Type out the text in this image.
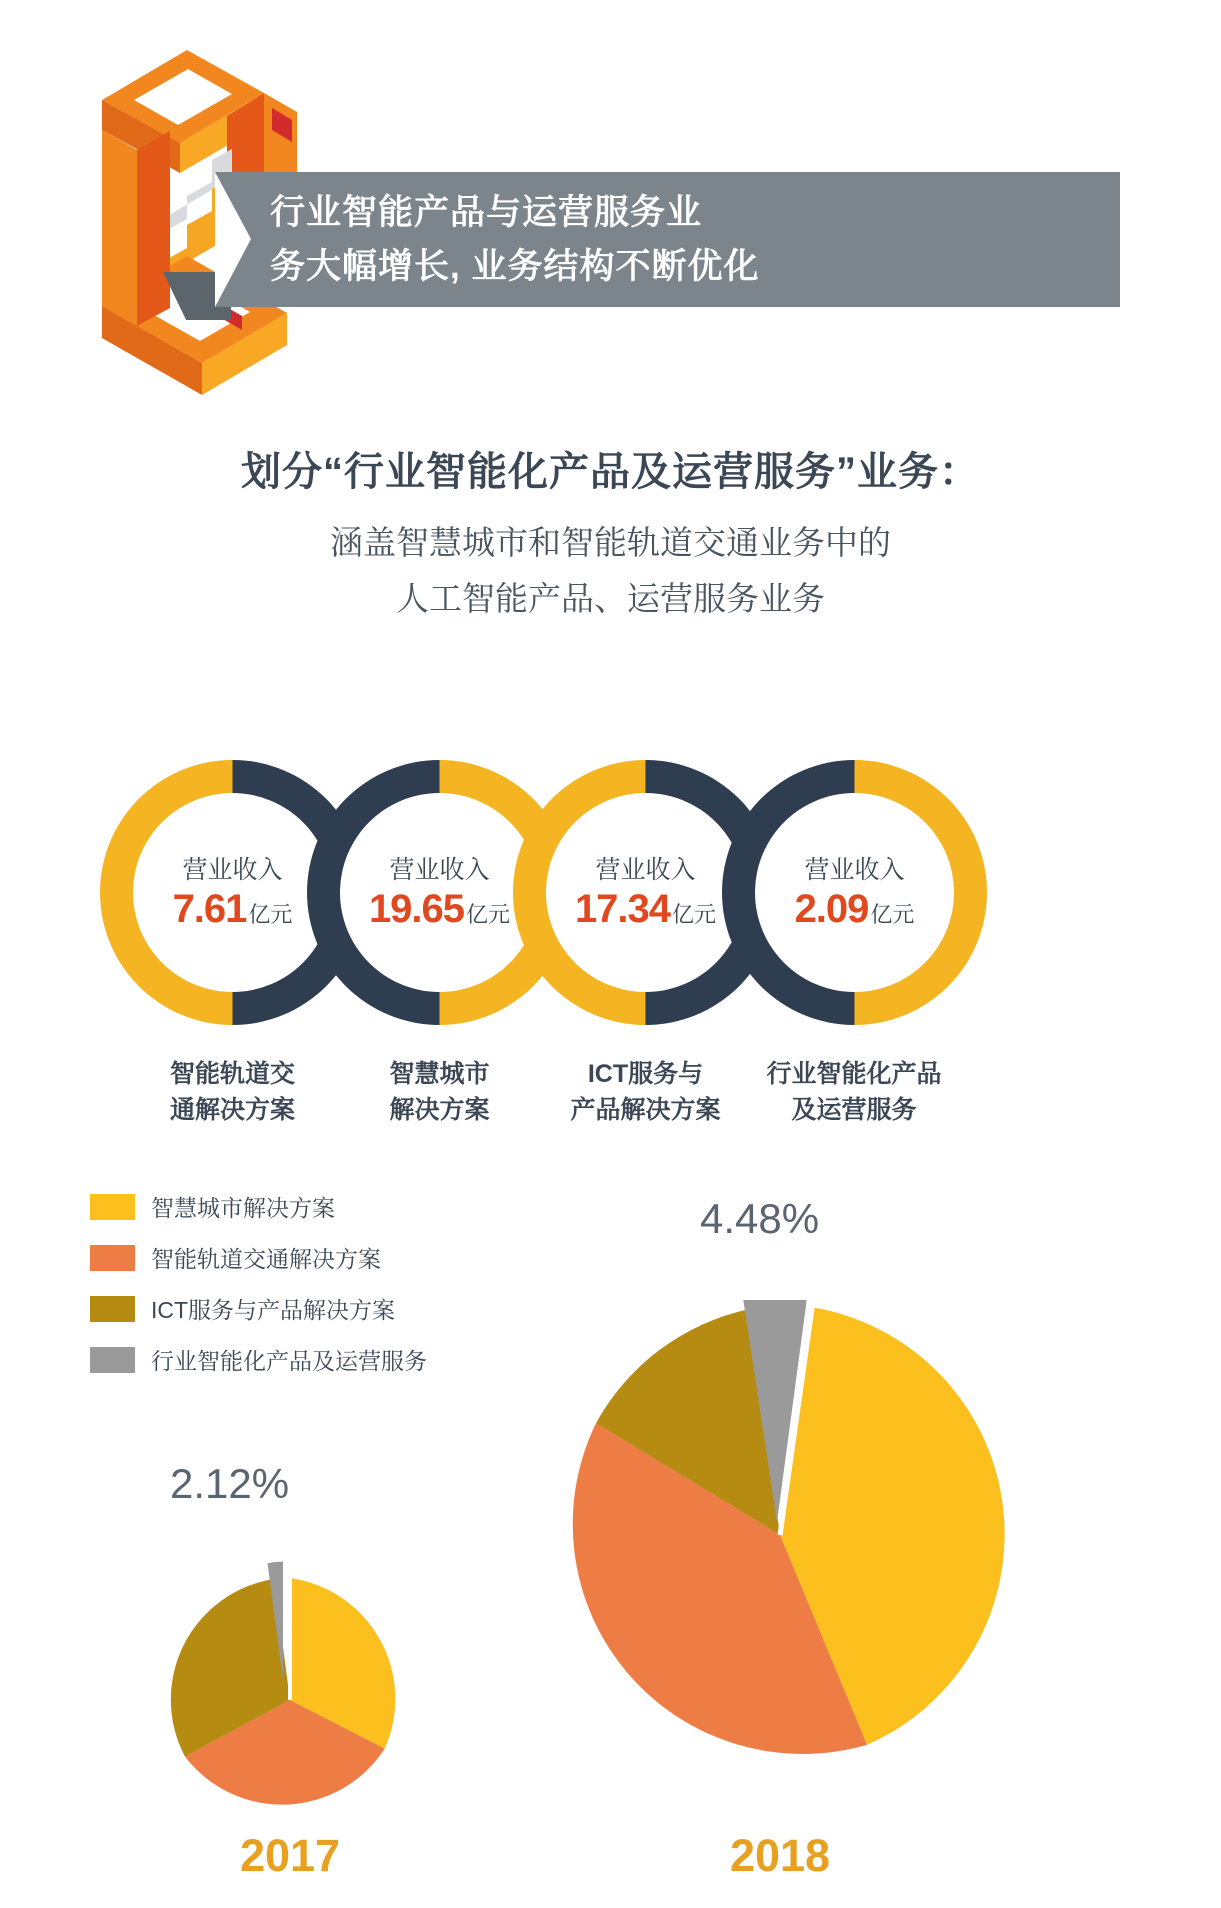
行业智能产品与运营服务业
务大幅增长, 业务结构不断优化
划分“行业智能化产品及运营服务”业务：
涵盖智慧城市和智能轨道交通业务中的
人工智能产品、运营服务业务
营业收入
7.61 亿元
智能轨道交
通解决方案
营业收入
19.65 亿元
智慧城市
解决方案
营业收入
17.34 亿元
ICT服务与
产品解决方案
营业收入
2.09 亿元
行业智能化产品
及运营服务
智慧城市解决方案
智能轨道交通解决方案
ICT服务与产品解决方案
行业智能化产品及运营服务
2.12%
2017
4.48%
2018
